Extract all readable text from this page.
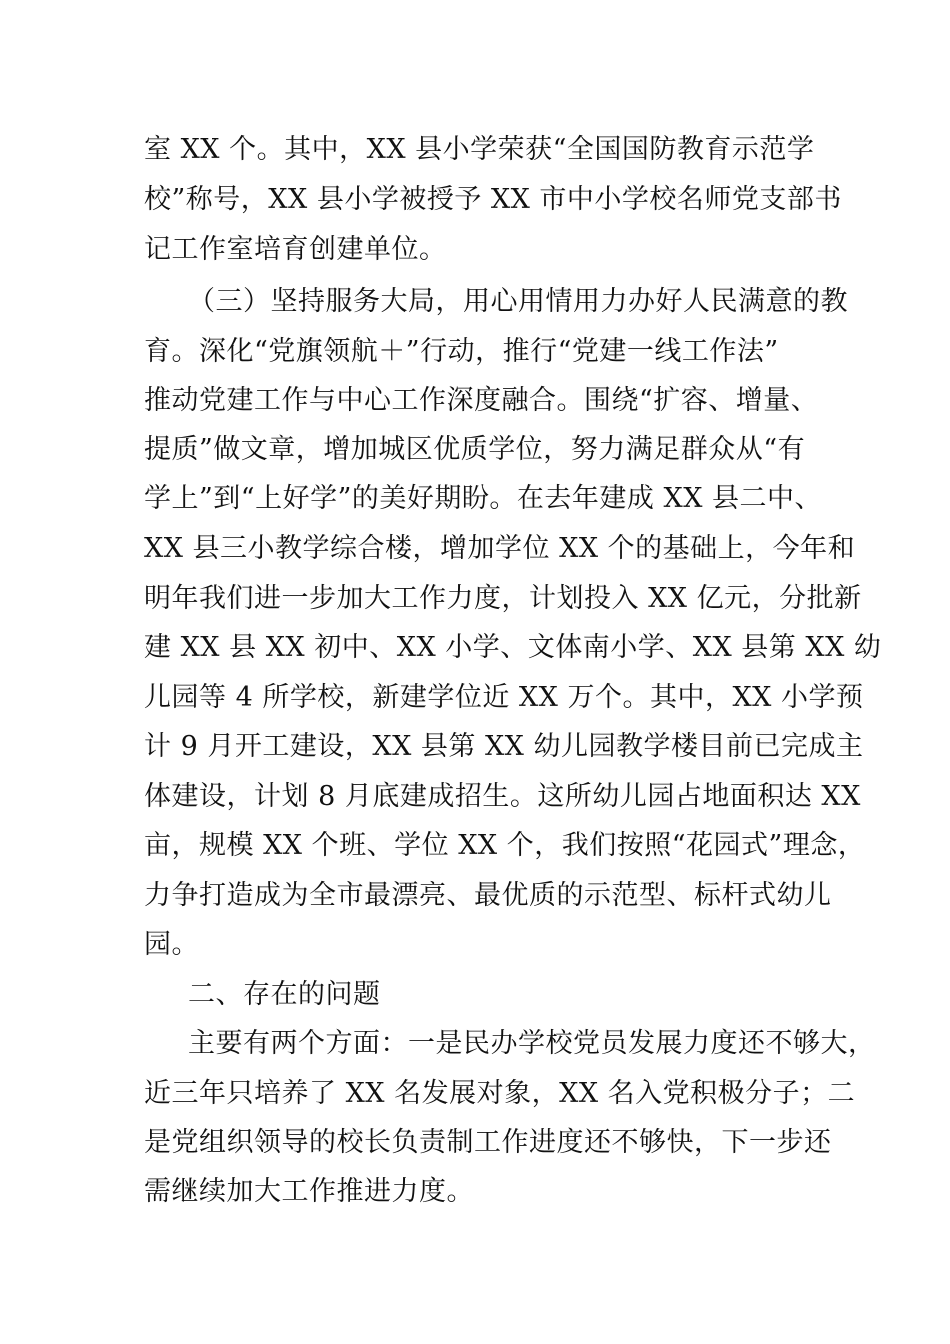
室 XX 个。其中，XX 县小学荣获“全国国防教育示范学
校”称号，XX 县小学被授予 XX 市中小学校名师党支部书
记工作室培育创建单位。
（三）坚持服务大局，用心用情用力办好人民满意的教
育。深化“党旗领航＋”行动，推行“党建一线工作法”
推动党建工作与中心工作深度融合。围绕“扩容、增量、
提质”做文章，增加城区优质学位，努力满足群众从“有
学上”到“上好学”的美好期盼。在去年建成 XX 县二中、
XX 县三小教学综合楼，增加学位 XX 个的基础上，今年和
明年我们进一步加大工作力度，计划投入 XX 亿元，分批新
建 XX 县 XX 初中、XX 小学、文体南小学、XX 县第 XX 幼
儿园等 4 所学校，新建学位近 XX 万个。其中，XX 小学预
计 9 月开工建设，XX 县第 XX 幼儿园教学楼目前已完成主
体建设，计划 8 月底建成招生。这所幼儿园占地面积达 XX
亩，规模 XX 个班、学位 XX 个，我们按照“花园式”理念，
力争打造成为全市最漂亮、最优质的示范型、标杆式幼儿
园。
二、存在的问题
主要有两个方面：一是民办学校党员发展力度还不够大，
近三年只培养了 XX 名发展对象，XX 名入党积极分子；二
是党组织领导的校长负责制工作进度还不够快，下一步还
需继续加大工作推进力度。
